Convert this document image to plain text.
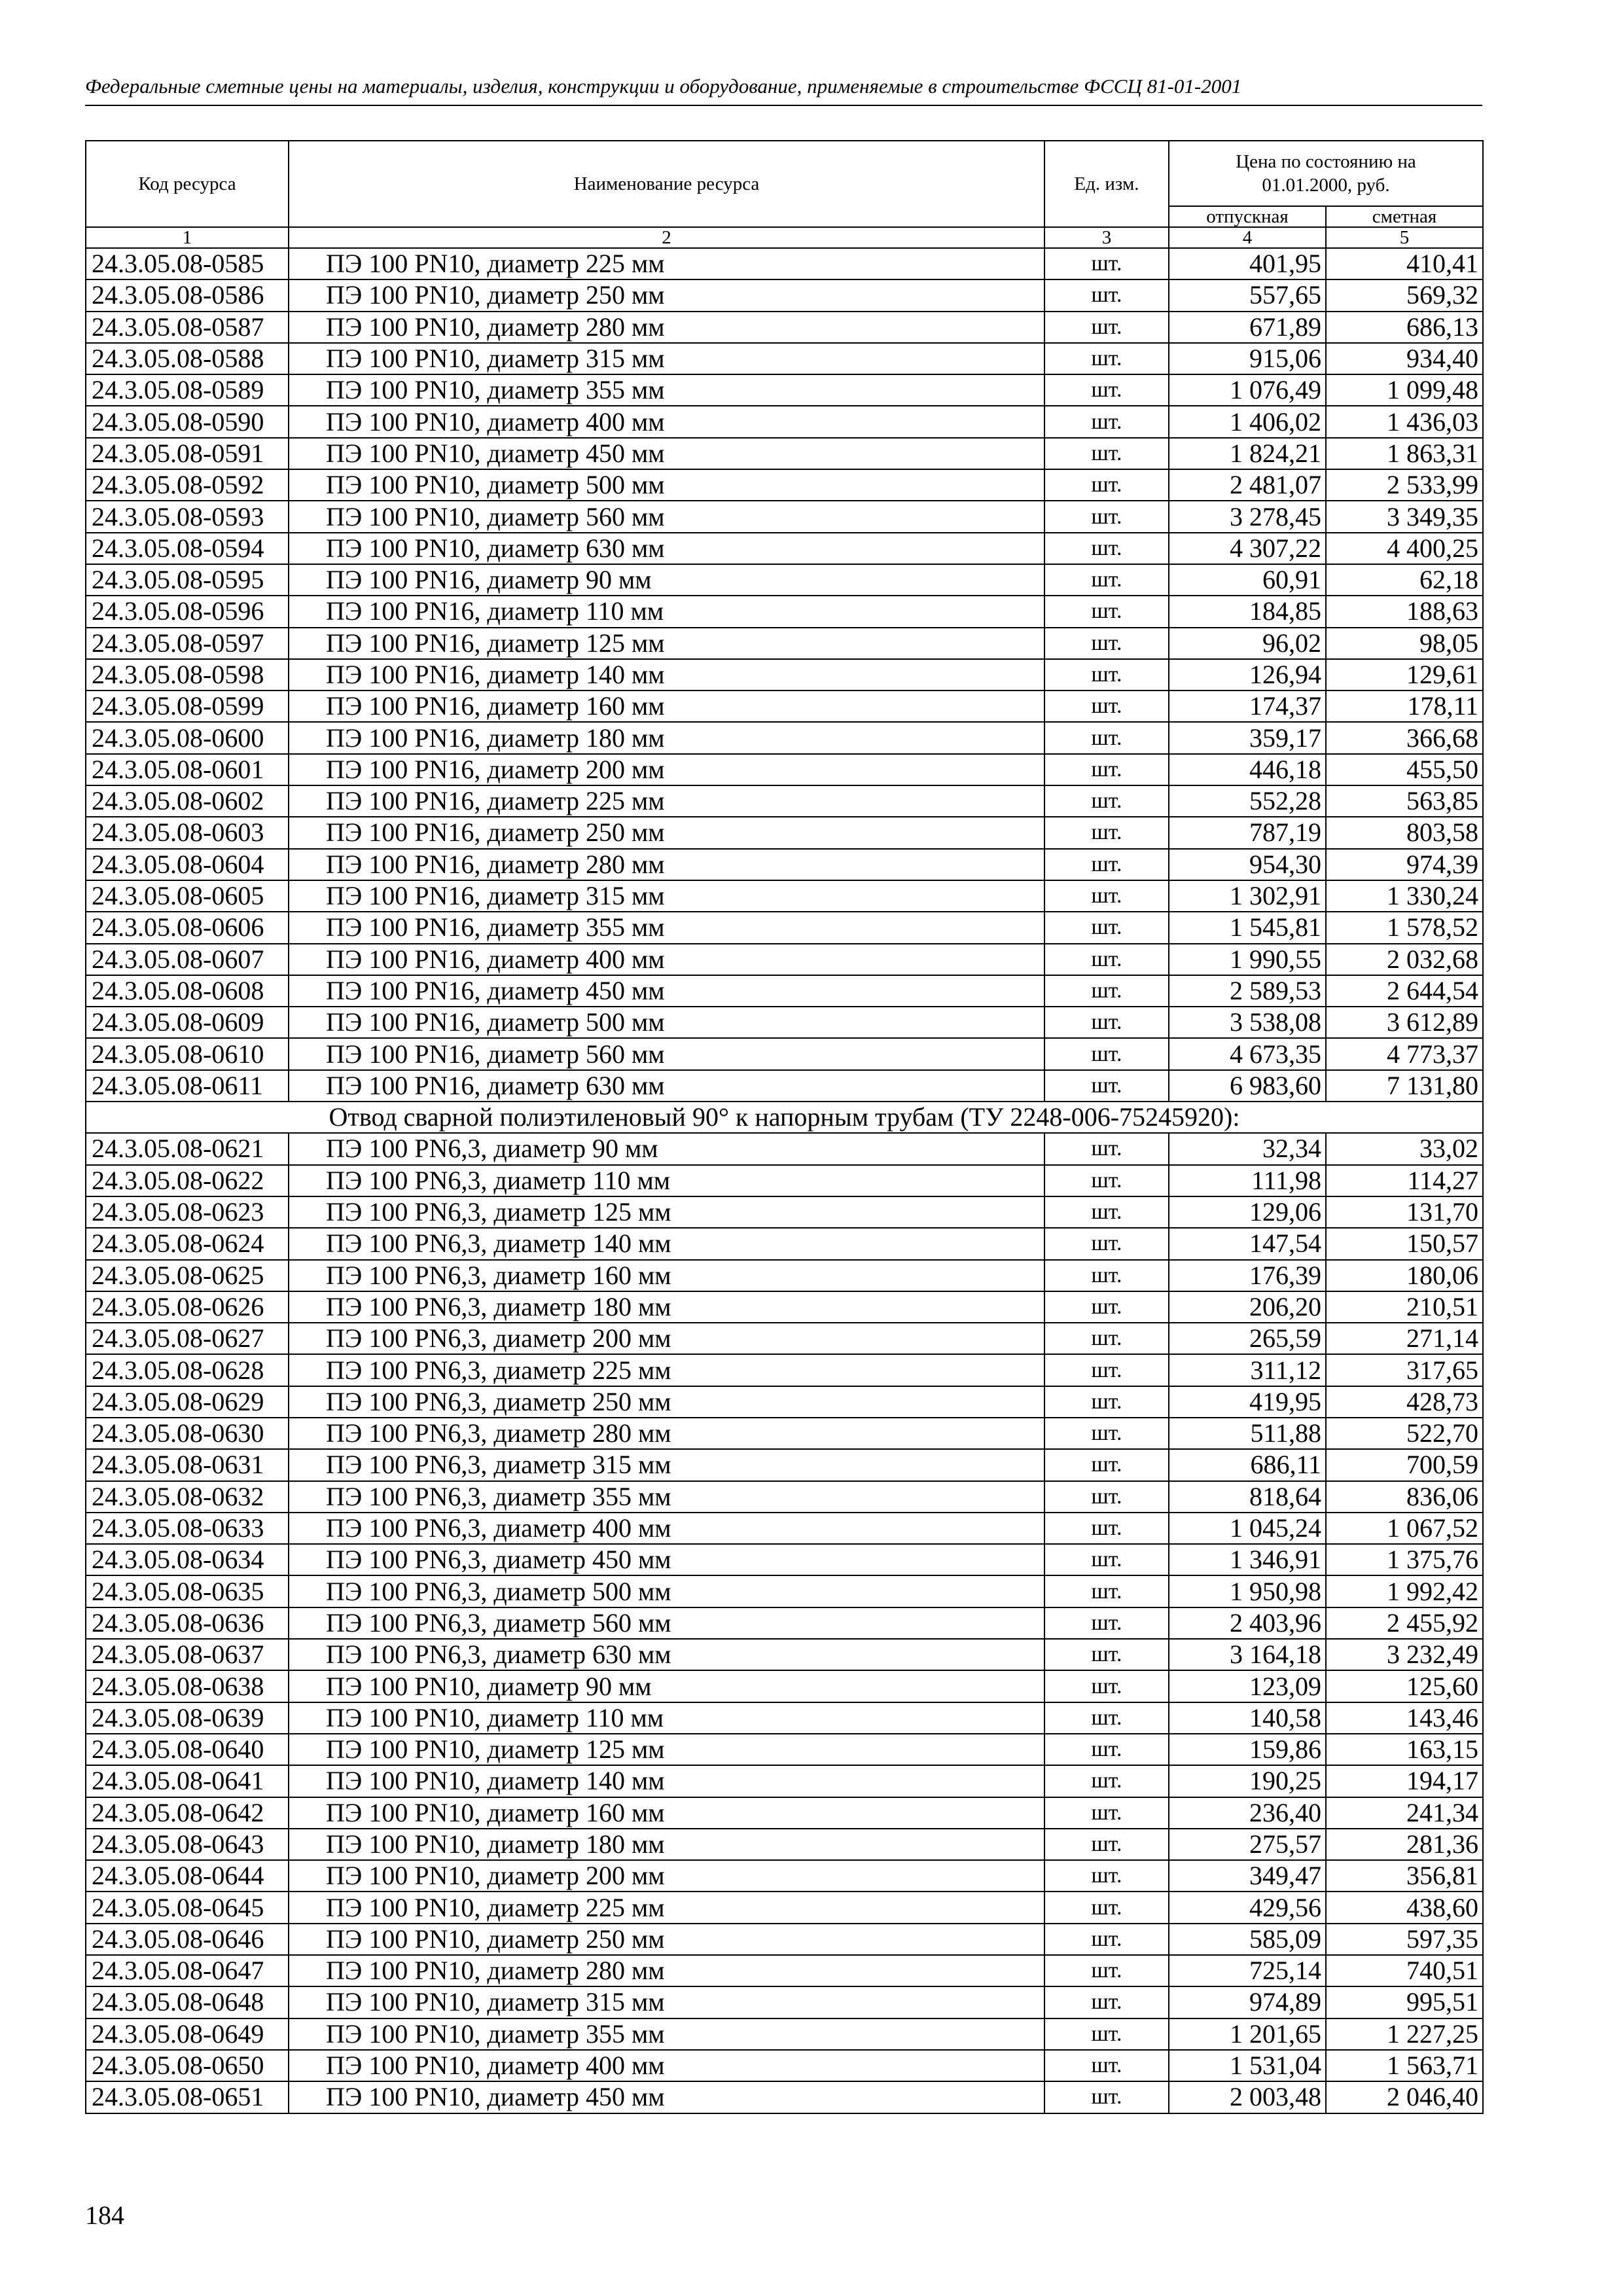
Федеральные сметные цены на материалы, изделия, конструкции и оборудование, применяемые в строительстве ФССЦ 81-01-2001
Код ресурса	Наименование ресурса	Ед. изм.	Цена по состоянию на 01.01.2000, руб.	
			отпускная	сметная
1	2	3	4	5
24.3.05.08-0585	ПЭ 100 PN10, диаметр 225 мм	шт.	401,95	410,41
24.3.05.08-0586	ПЭ 100 PN10, диаметр 250 мм	шт.	557,65	569,32
24.3.05.08-0587	ПЭ 100 PN10, диаметр 280 мм	шт.	671,89	686,13
24.3.05.08-0588	ПЭ 100 PN10, диаметр 315 мм	шт.	915,06	934,40
24.3.05.08-0589	ПЭ 100 PN10, диаметр 355 мм	шт.	1 076,49	1 099,48
24.3.05.08-0590	ПЭ 100 PN10, диаметр 400 мм	шт.	1 406,02	1 436,03
24.3.05.08-0591	ПЭ 100 PN10, диаметр 450 мм	шт.	1 824,21	1 863,31
24.3.05.08-0592	ПЭ 100 PN10, диаметр 500 мм	шт.	2 481,07	2 533,99
24.3.05.08-0593	ПЭ 100 PN10, диаметр 560 мм	шт.	3 278,45	3 349,35
24.3.05.08-0594	ПЭ 100 PN10, диаметр 630 мм	шт.	4 307,22	4 400,25
24.3.05.08-0595	ПЭ 100 PN16, диаметр 90 мм	шт.	60,91	62,18
24.3.05.08-0596	ПЭ 100 PN16, диаметр 110 мм	шт.	184,85	188,63
24.3.05.08-0597	ПЭ 100 PN16, диаметр 125 мм	шт.	96,02	98,05
24.3.05.08-0598	ПЭ 100 PN16, диаметр 140 мм	шт.	126,94	129,61
24.3.05.08-0599	ПЭ 100 PN16, диаметр 160 мм	шт.	174,37	178,11
24.3.05.08-0600	ПЭ 100 PN16, диаметр 180 мм	шт.	359,17	366,68
24.3.05.08-0601	ПЭ 100 PN16, диаметр 200 мм	шт.	446,18	455,50
24.3.05.08-0602	ПЭ 100 PN16, диаметр 225 мм	шт.	552,28	563,85
24.3.05.08-0603	ПЭ 100 PN16, диаметр 250 мм	шт.	787,19	803,58
24.3.05.08-0604	ПЭ 100 PN16, диаметр 280 мм	шт.	954,30	974,39
24.3.05.08-0605	ПЭ 100 PN16, диаметр 315 мм	шт.	1 302,91	1 330,24
24.3.05.08-0606	ПЭ 100 PN16, диаметр 355 мм	шт.	1 545,81	1 578,52
24.3.05.08-0607	ПЭ 100 PN16, диаметр 400 мм	шт.	1 990,55	2 032,68
24.3.05.08-0608	ПЭ 100 PN16, диаметр 450 мм	шт.	2 589,53	2 644,54
24.3.05.08-0609	ПЭ 100 PN16, диаметр 500 мм	шт.	3 538,08	3 612,89
24.3.05.08-0610	ПЭ 100 PN16, диаметр 560 мм	шт.	4 673,35	4 773,37
24.3.05.08-0611	ПЭ 100 PN16, диаметр 630 мм	шт.	6 983,60	7 131,80
Отвод сварной полиэтиленовый 90° к напорным трубам (ТУ 2248-006-75245920):				
24.3.05.08-0621	ПЭ 100 PN6,3, диаметр 90 мм	шт.	32,34	33,02
24.3.05.08-0622	ПЭ 100 PN6,3, диаметр 110 мм	шт.	111,98	114,27
24.3.05.08-0623	ПЭ 100 PN6,3, диаметр 125 мм	шт.	129,06	131,70
24.3.05.08-0624	ПЭ 100 PN6,3, диаметр 140 мм	шт.	147,54	150,57
24.3.05.08-0625	ПЭ 100 PN6,3, диаметр 160 мм	шт.	176,39	180,06
24.3.05.08-0626	ПЭ 100 PN6,3, диаметр 180 мм	шт.	206,20	210,51
24.3.05.08-0627	ПЭ 100 PN6,3, диаметр 200 мм	шт.	265,59	271,14
24.3.05.08-0628	ПЭ 100 PN6,3, диаметр 225 мм	шт.	311,12	317,65
24.3.05.08-0629	ПЭ 100 PN6,3, диаметр 250 мм	шт.	419,95	428,73
24.3.05.08-0630	ПЭ 100 PN6,3, диаметр 280 мм	шт.	511,88	522,70
24.3.05.08-0631	ПЭ 100 PN6,3, диаметр 315 мм	шт.	686,11	700,59
24.3.05.08-0632	ПЭ 100 PN6,3, диаметр 355 мм	шт.	818,64	836,06
24.3.05.08-0633	ПЭ 100 PN6,3, диаметр 400 мм	шт.	1 045,24	1 067,52
24.3.05.08-0634	ПЭ 100 PN6,3, диаметр 450 мм	шт.	1 346,91	1 375,76
24.3.05.08-0635	ПЭ 100 PN6,3, диаметр 500 мм	шт.	1 950,98	1 992,42
24.3.05.08-0636	ПЭ 100 PN6,3, диаметр 560 мм	шт.	2 403,96	2 455,92
24.3.05.08-0637	ПЭ 100 PN6,3, диаметр 630 мм	шт.	3 164,18	3 232,49
24.3.05.08-0638	ПЭ 100 PN10, диаметр 90 мм	шт.	123,09	125,60
24.3.05.08-0639	ПЭ 100 PN10, диаметр 110 мм	шт.	140,58	143,46
24.3.05.08-0640	ПЭ 100 PN10, диаметр 125 мм	шт.	159,86	163,15
24.3.05.08-0641	ПЭ 100 PN10, диаметр 140 мм	шт.	190,25	194,17
24.3.05.08-0642	ПЭ 100 PN10, диаметр 160 мм	шт.	236,40	241,34
24.3.05.08-0643	ПЭ 100 PN10, диаметр 180 мм	шт.	275,57	281,36
24.3.05.08-0644	ПЭ 100 PN10, диаметр 200 мм	шт.	349,47	356,81
24.3.05.08-0645	ПЭ 100 PN10, диаметр 225 мм	шт.	429,56	438,60
24.3.05.08-0646	ПЭ 100 PN10, диаметр 250 мм	шт.	585,09	597,35
24.3.05.08-0647	ПЭ 100 PN10, диаметр 280 мм	шт.	725,14	740,51
24.3.05.08-0648	ПЭ 100 PN10, диаметр 315 мм	шт.	974,89	995,51
24.3.05.08-0649	ПЭ 100 PN10, диаметр 355 мм	шт.	1 201,65	1 227,25
24.3.05.08-0650	ПЭ 100 PN10, диаметр 400 мм	шт.	1 531,04	1 563,71
24.3.05.08-0651	ПЭ 100 PN10, диаметр 450 мм	шт.	2 003,48	2 046,40
184
